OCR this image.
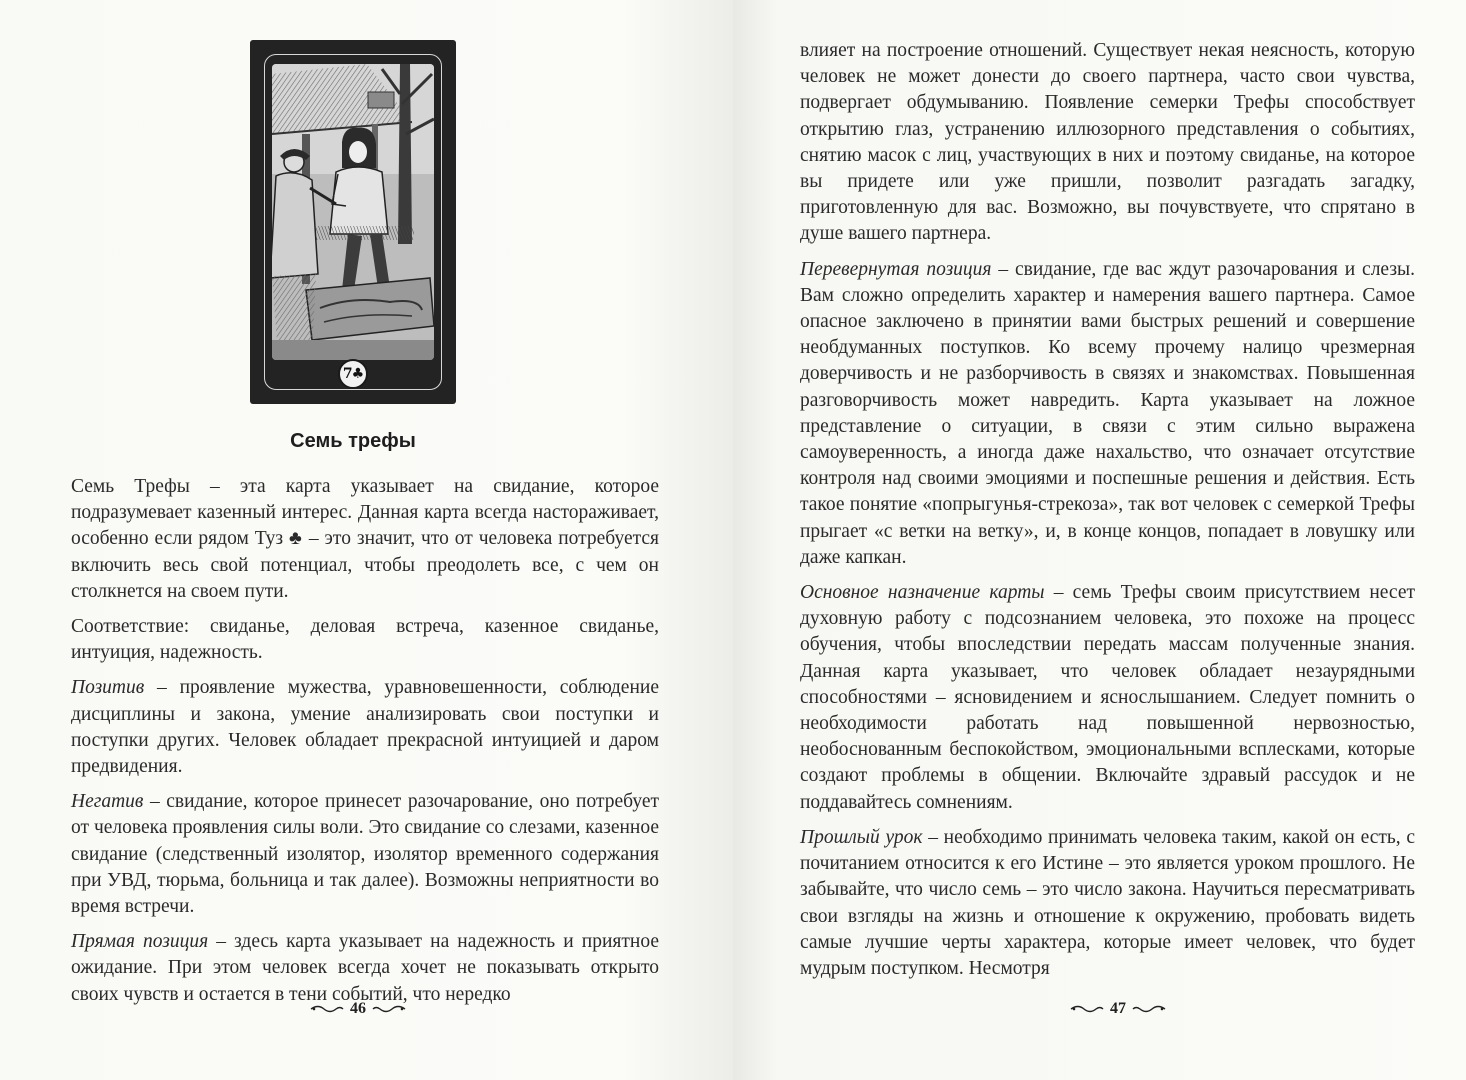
7♣
Семь трефы

Семь Трефы – эта карта указывает на свидание, которое подразумевает казенный интерес. Данная карта всегда настораживает, особенно если рядом Туз ♣ – это значит, что от человека потребуется включить весь свой потенциал, чтобы преодолеть все, с чем он столкнется на своем пути.

Соответствие: свиданье, деловая встреча, казенное свиданье, интуиция, надежность.

Позитив – проявление мужества, уравновешенности, соблюдение дисциплины и закона, умение анализировать свои поступки и поступки других. Человек обладает прекрасной интуицией и даром предвидения.

Негатив – свидание, которое принесет разочарование, оно потребует от человека проявления силы воли. Это свидание со слезами, казенное свидание (следственный изолятор, изолятор временного содержания при УВД, тюрьма, больница и так далее). Возможны неприятности во время встречи.

Прямая позиция – здесь карта указывает на надежность и приятное ожидание. При этом человек всегда хочет не показывать открыто своих чувств и остается в тени событий, что нередко

46

влияет на построение отношений. Существует некая неясность, которую человек не может донести до своего партнера, часто свои чувства, подвергает обдумыванию. Появление семерки Трефы способствует открытию глаз, устранению иллюзорного представления о событиях, снятию масок с лиц, участвующих в них и поэтому свиданье, на которое вы придете или уже пришли, позволит разгадать загадку, приготовленную для вас. Возможно, вы почувствуете, что спрятано в душе вашего партнера.

Перевернутая позиция – свидание, где вас ждут разочарования и слезы. Вам сложно определить характер и намерения вашего партнера. Самое опасное заключено в принятии вами быстрых решений и совершение необдуманных поступков. Ко всему прочему налицо чрезмерная доверчивость и не разборчивость в связях и знакомствах. Повышенная разговорчивость может навредить. Карта указывает на ложное представление о ситуации, в связи с этим сильно выражена самоуверенность, а иногда даже нахальство, что означает отсутствие контроля над своими эмоциями и поспешные решения и действия. Есть такое понятие «попрыгунья-стрекоза», так вот человек с семеркой Трефы прыгает «с ветки на ветку», и, в конце концов, попадает в ловушку или даже капкан.

Основное назначение карты – семь Трефы своим присутствием несет духовную работу с подсознанием человека, это похоже на процесс обучения, чтобы впоследствии передать массам полученные знания. Данная карта указывает, что человек обладает незаурядными способностями – ясновидением и яснослышанием. Следует помнить о необходимости работать над повышенной нервозностью, необоснованным беспокойством, эмоциональными всплесками, которые создают проблемы в общении. Включайте здравый рассудок и не поддавайтесь сомнениям.

Прошлый урок – необходимо принимать человека таким, какой он есть, с почитанием относится к его Истине – это является уроком прошлого. Не забывайте, что число семь – это число закона. Научиться пересматривать свои взгляды на жизнь и отношение к окружению, пробовать видеть самые лучшие черты характера, которые имеет человек, что будет мудрым поступком. Несмотря

47
